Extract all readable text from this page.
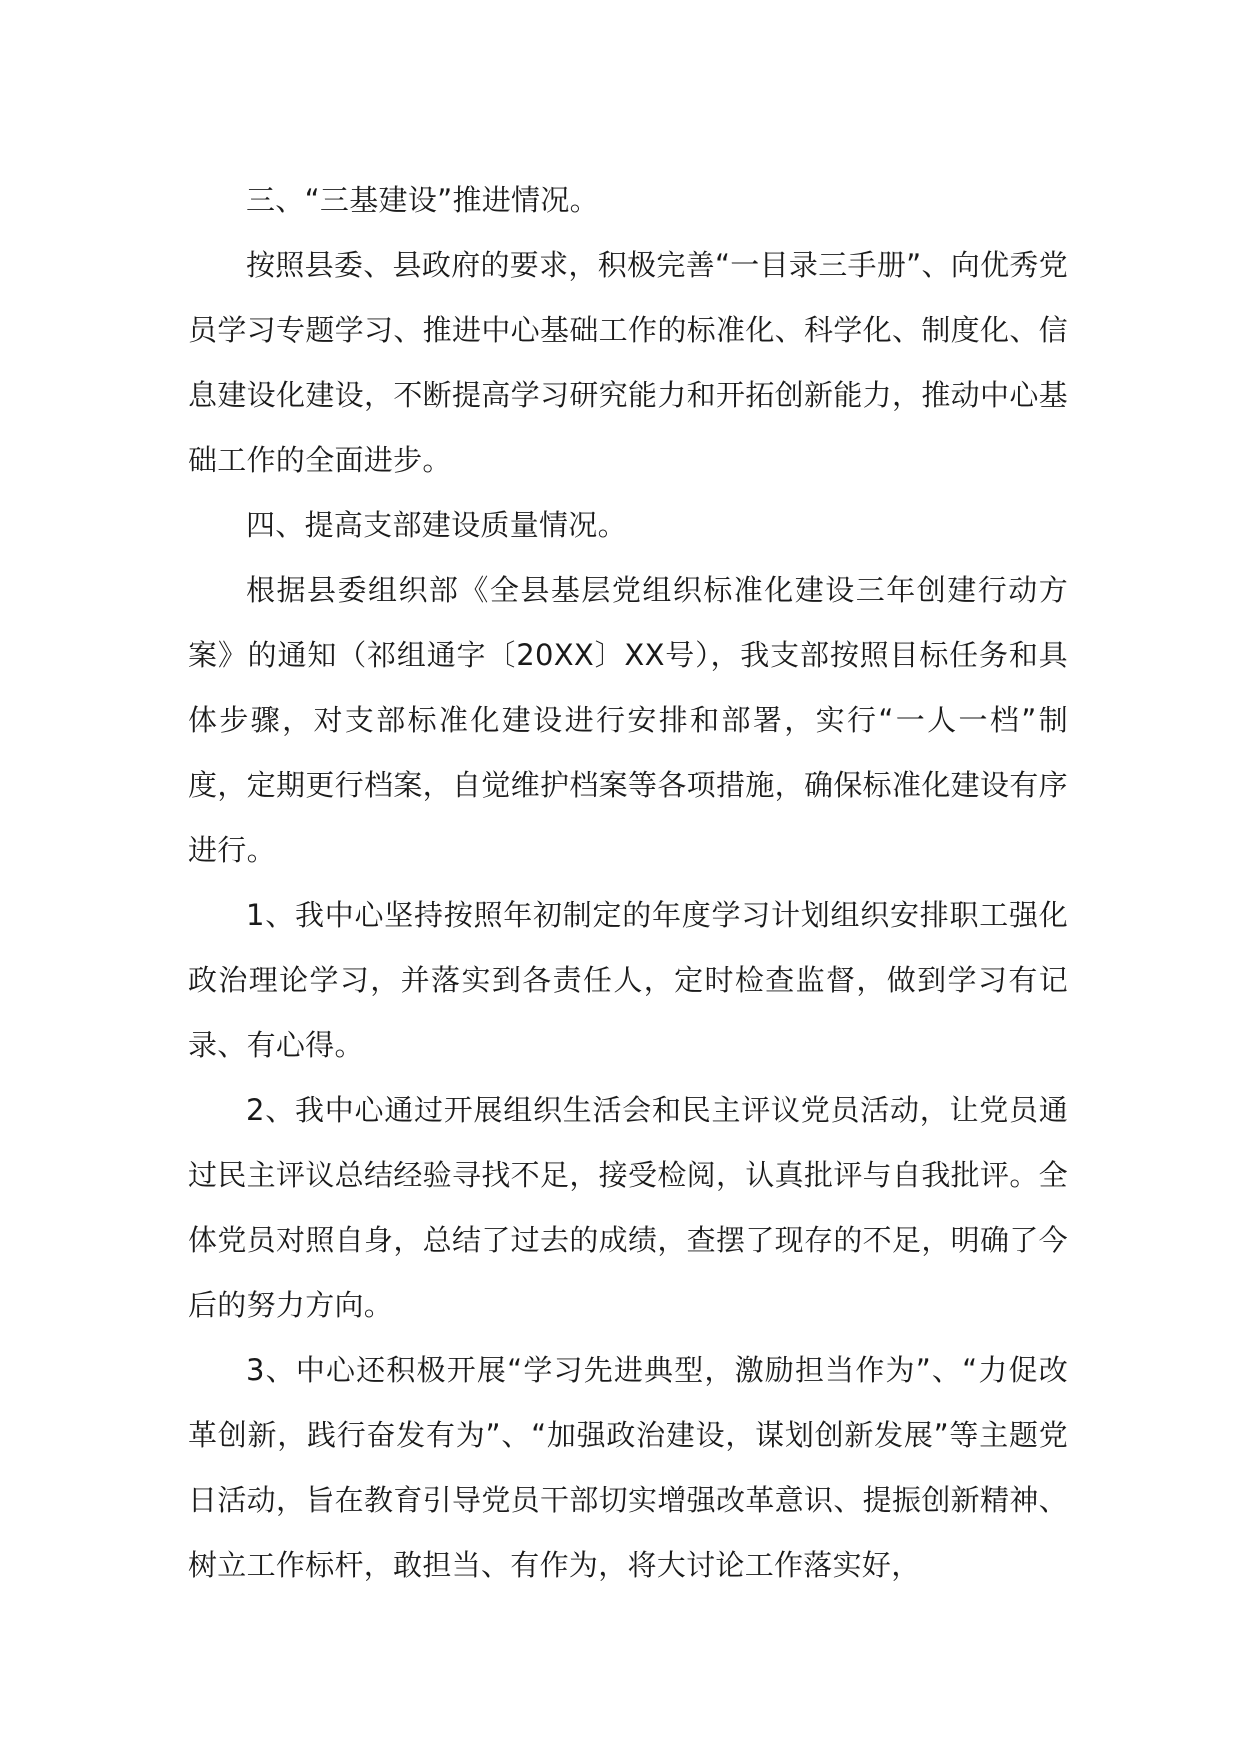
三、“三基建设”推进情况。

按照县委、县政府的要求，积极完善“一目录三手册”、向优秀党员学习专题学习、推进中心基础工作的标准化、科学化、制度化、信息建设化建设，不断提高学习研究能力和开拓创新能力，推动中心基础工作的全面进步。

四、提高支部建设质量情况。

根据县委组织部《全县基层党组织标准化建设三年创建行动方案》的通知（祁组通字〔20XX〕XX号），我支部按照目标任务和具体步骤，对支部标准化建设进行安排和部署，实行“一人一档”制度，定期更行档案，自觉维护档案等各项措施，确保标准化建设有序进行。

1、我中心坚持按照年初制定的年度学习计划组织安排职工强化政治理论学习，并落实到各责任人，定时检查监督，做到学习有记录、有心得。

2、我中心通过开展组织生活会和民主评议党员活动，让党员通过民主评议总结经验寻找不足，接受检阅，认真批评与自我批评。全体党员对照自身，总结了过去的成绩，查摆了现存的不足，明确了今后的努力方向。

3、中心还积极开展“学习先进典型，激励担当作为”、“力促改革创新，践行奋发有为”、“加强政治建设，谋划创新发展”等主题党日活动，旨在教育引导党员干部切实增强改革意识、提振创新精神、树立工作标杆，敢担当、有作为，将大讨论工作落实好，
